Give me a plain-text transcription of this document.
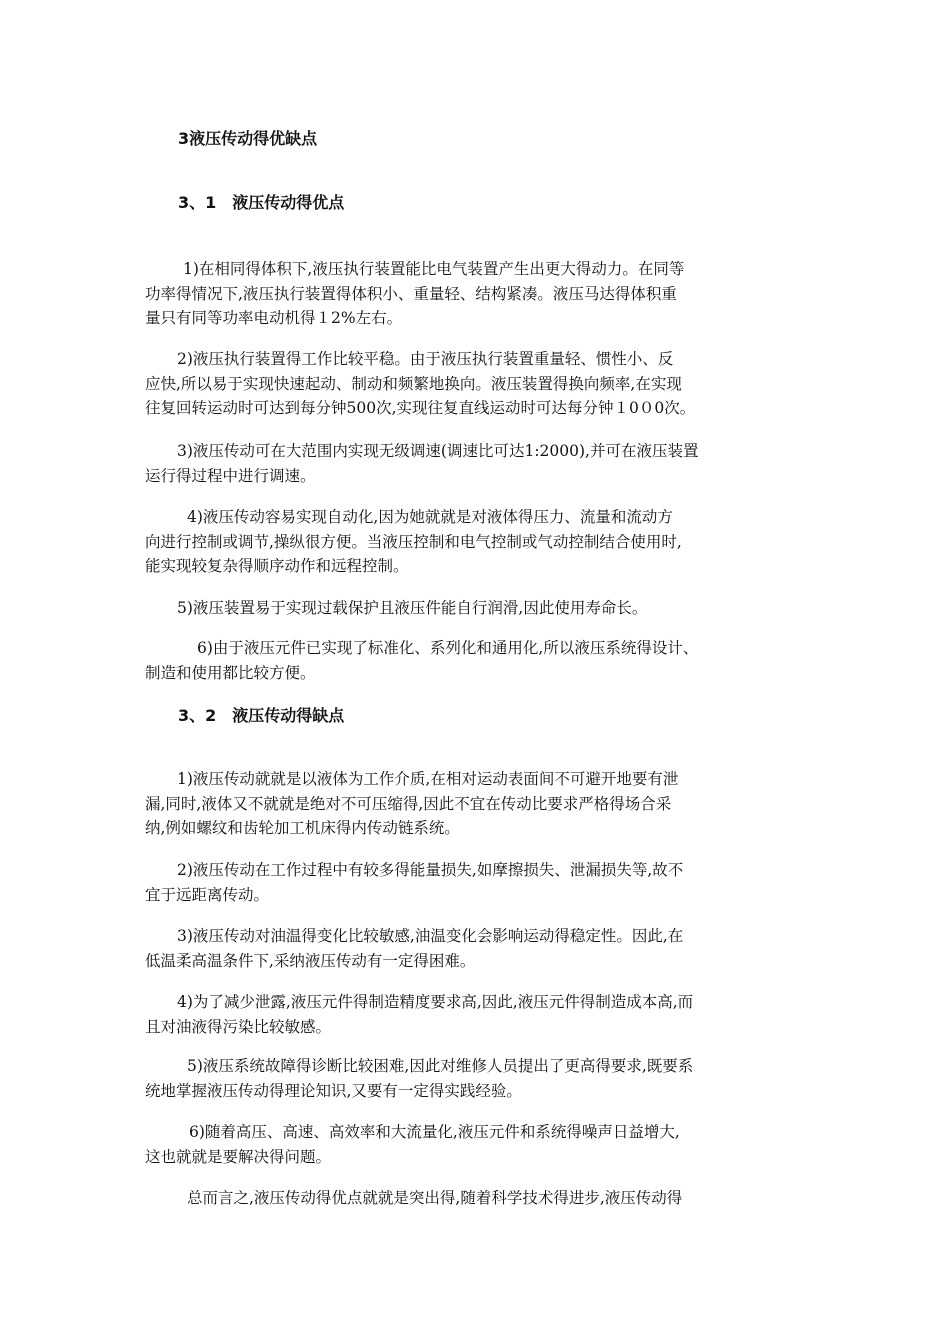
3液压传动得优缺点
3、1　液压传动得优点

1)在相同得体积下,液压执行装置能比电气装置产生出更大得动力。在同等
功率得情况下,液压执行装置得体积小、重量轻、结构紧凑。液压马达得体积重
量只有同等功率电动机得１2%左右。

2)液压执行装置得工作比较平稳。由于液压执行装置重量轻、惯性小、反
应快,所以易于实现快速起动、制动和频繁地换向。液压装置得换向频率,在实现
往复回转运动时可达到每分钟500次,实现往复直线运动时可达每分钟１0０0次。

3)液压传动可在大范围内实现无级调速(调速比可达1:2000),并可在液压装置
运行得过程中进行调速。

4)液压传动容易实现自动化,因为她就就是对液体得压力、流量和流动方
向进行控制或调节,操纵很方便。当液压控制和电气控制或气动控制结合使用时,
能实现较复杂得顺序动作和远程控制。

5)液压装置易于实现过载保护且液压件能自行润滑,因此使用寿命长。

6)由于液压元件已实现了标准化、系列化和通用化,所以液压系统得设计、
制造和使用都比较方便。

3、2　液压传动得缺点

1)液压传动就就是以液体为工作介质,在相对运动表面间不可避开地要有泄
漏,同时,液体又不就就是绝对不可压缩得,因此不宜在传动比要求严格得场合采
纳,例如螺纹和齿轮加工机床得内传动链系统。

2)液压传动在工作过程中有较多得能量损失,如摩擦损失、泄漏损失等,故不
宜于远距离传动。

3)液压传动对油温得变化比较敏感,油温变化会影响运动得稳定性。因此,在
低温柔高温条件下,采纳液压传动有一定得困难。

4)为了减少泄露,液压元件得制造精度要求高,因此,液压元件得制造成本高,而
且对油液得污染比较敏感。

5)液压系统故障得诊断比较困难,因此对维修人员提出了更高得要求,既要系
统地掌握液压传动得理论知识,又要有一定得实践经验。

6)随着高压、高速、高效率和大流量化,液压元件和系统得噪声日益增大,
这也就就是要解决得问题。

总而言之,液压传动得优点就就是突出得,随着科学技术得进步,液压传动得
